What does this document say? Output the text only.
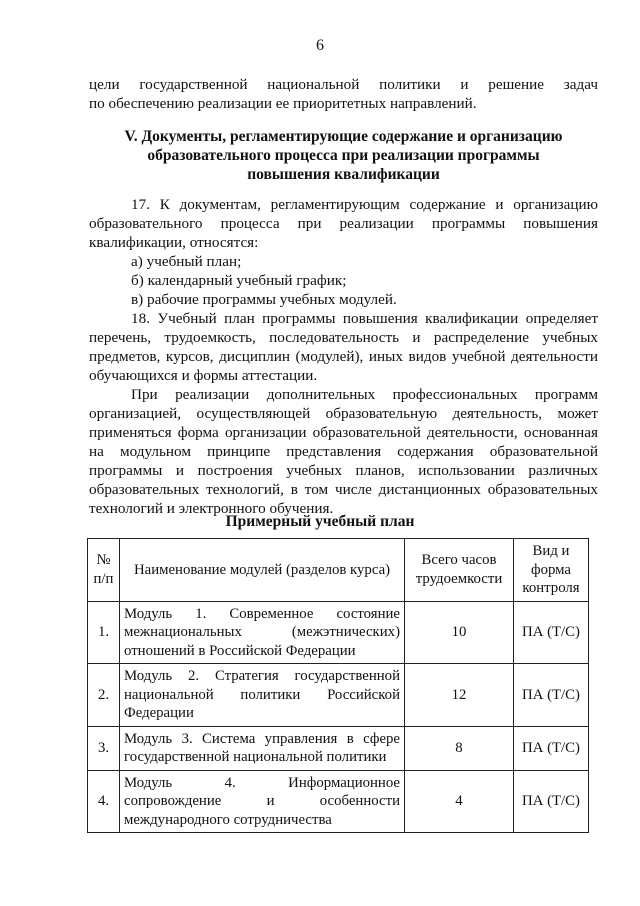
6

цели государственной национальной политики и решение задач

по обеспечению реализации ее приоритетных направлений.

V. Документы, регламентирующие содержание и организацию
образовательного процесса при реализации программы
повышения квалификации

17. К документам, регламентирующим содержание и организацию образовательного процесса при реализации программы повышения квалификации, относятся:

а) учебный план;

б) календарный учебный график;

в) рабочие программы учебных модулей.

18. Учебный план программы повышения квалификации определяет перечень, трудоемкость, последовательность и распределение учебных предметов, курсов, дисциплин (модулей), иных видов учебной деятельности обучающихся и формы аттестации.

При реализации дополнительных профессиональных программ организацией, осуществляющей образовательную деятельность, может применяться форма организации образовательной деятельности, основанная на модульном принципе представления содержания образовательной программы и построения учебных планов, использовании различных образовательных технологий, в том числе дистанционных образовательных технологий и электронного обучения.

Примерный учебный план
№ п/п	Наименование модулей (разделов курса)	Всего часов трудоемкости	Вид и форма контроля
1.	Модуль 1. Современное состояние межнациональных (межэтнических) отношений в Российской Федерации	10	ПА (Т/С)
2.	Модуль 2. Стратегия государственной национальной политики Российской Федерации	12	ПА (Т/С)
3.	Модуль 3. Система управления в сфере государственной национальной политики	8	ПА (Т/С)
4.	Модуль 4. Информационное сопровождение и особенности международного сотрудничества	4	ПА (Т/С)
